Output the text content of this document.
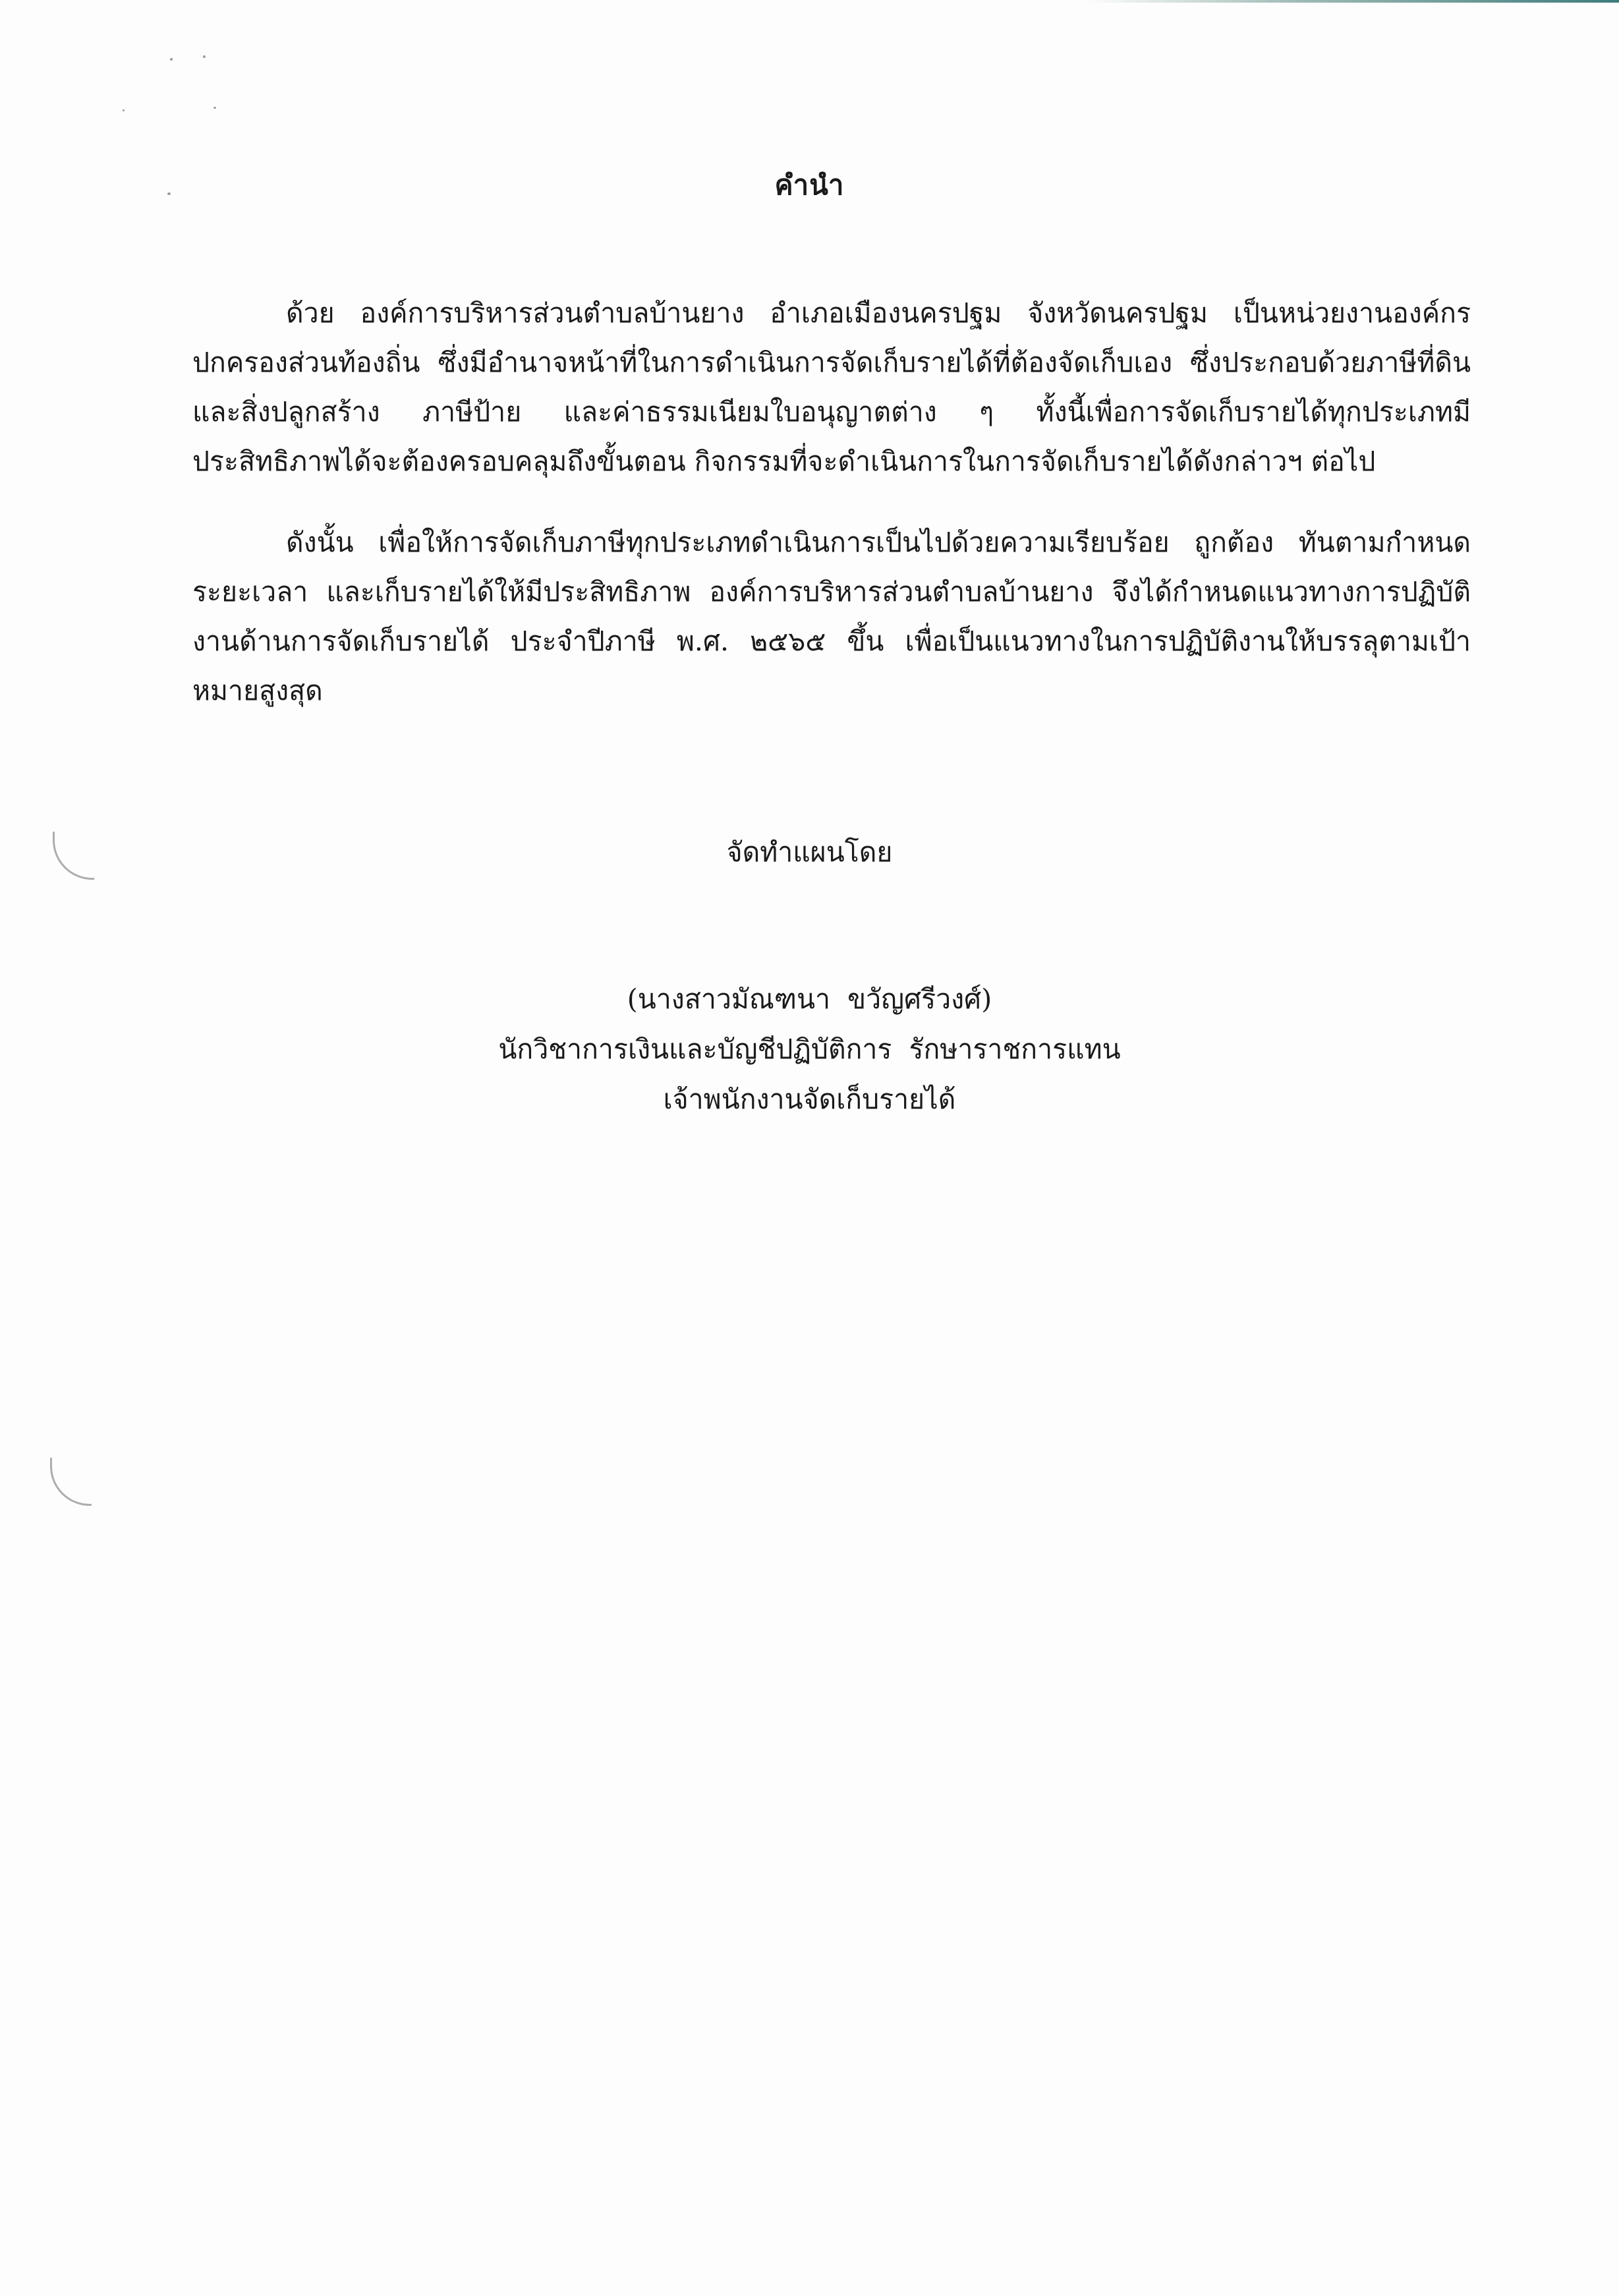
คำนำ

ด้วย องค์การบริหารส่วนตำบลบ้านยาง อำเภอเมืองนครปฐม จังหวัดนครปฐม เป็นหน่วยงานองค์กรปกครองส่วนท้องถิ่น ซึ่งมีอำนาจหน้าที่ในการดำเนินการจัดเก็บรายได้ที่ต้องจัดเก็บเอง ซึ่งประกอบด้วยภาษีที่ดินและสิ่งปลูกสร้าง ภาษีป้าย และค่าธรรมเนียมใบอนุญาตต่าง ๆ ทั้งนี้เพื่อการจัดเก็บรายได้ทุกประเภทมีประสิทธิภาพได้จะต้องครอบคลุมถึงขั้นตอน กิจกรรมที่จะดำเนินการในการจัดเก็บรายได้ดังกล่าวฯ ต่อไป

ดังนั้น เพื่อให้การจัดเก็บภาษีทุกประเภทดำเนินการเป็นไปด้วยความเรียบร้อย ถูกต้อง ทันตามกำหนดระยะเวลา และเก็บรายได้ให้มีประสิทธิภาพ องค์การบริหารส่วนตำบลบ้านยาง จึงได้กำหนดแนวทางการปฏิบัติงานด้านการจัดเก็บรายได้ ประจำปีภาษี พ.ศ. ๒๕๖๕ ขึ้น เพื่อเป็นแนวทางในการปฏิบัติงานให้บรรลุตามเป้าหมายสูงสุด

จัดทำแผนโดย
(นางสาวมัณฑนา  ขวัญศรีวงศ์)
นักวิชาการเงินและบัญชีปฏิบัติการ  รักษาราชการแทน
เจ้าพนักงานจัดเก็บรายได้
